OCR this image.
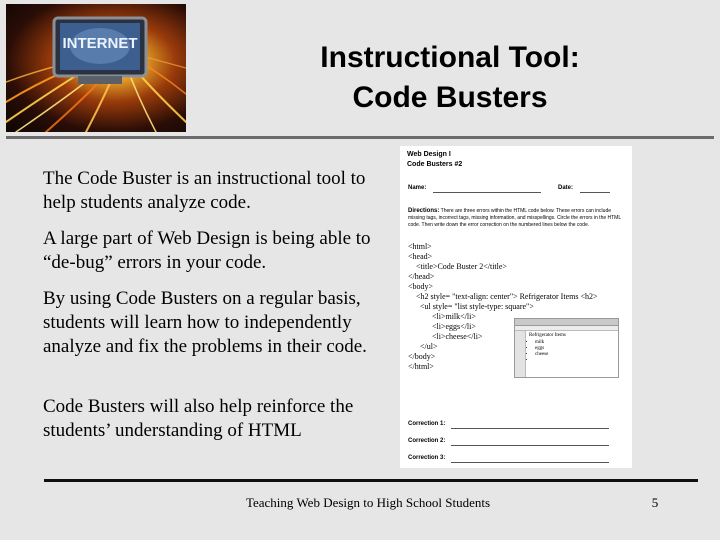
INTERNET	Instructional Tool:
Code Busters

The Code Buster is an instructional tool to help students analyze code.

A large part of Web Design is being able to “de-bug” errors in your code.

By using Code Busters on a regular basis, students will learn how to independently analyze and fix the problems in their code.

Code Busters will also help reinforce the students’ understanding of HTML

Web Design I
Code Busters #2
Name:	Date:
Directions: There are three errors within the HTML code below. These errors can include missing tags, incorrect tags, missing information, and misspellings. Circle the errors in the HTML code. Then write down the error correction on the numbered lines below the code.
<html>
<head>
<title>Code Buster 2</title>
</head>
<body>
<h2 style= "text-align: center"> Refrigerator Items <h2>
<ul style= "list style-type: square">
<li>milk</li>
<li>eggs</li>
<li>cheese</li>
</ul>
</body>
</html>
Refrigerator Items
• milk
• eggs
• cheese
•
Correction 1:
Correction 2:
Correction 3:
Teaching Web Design to High School Students	5
